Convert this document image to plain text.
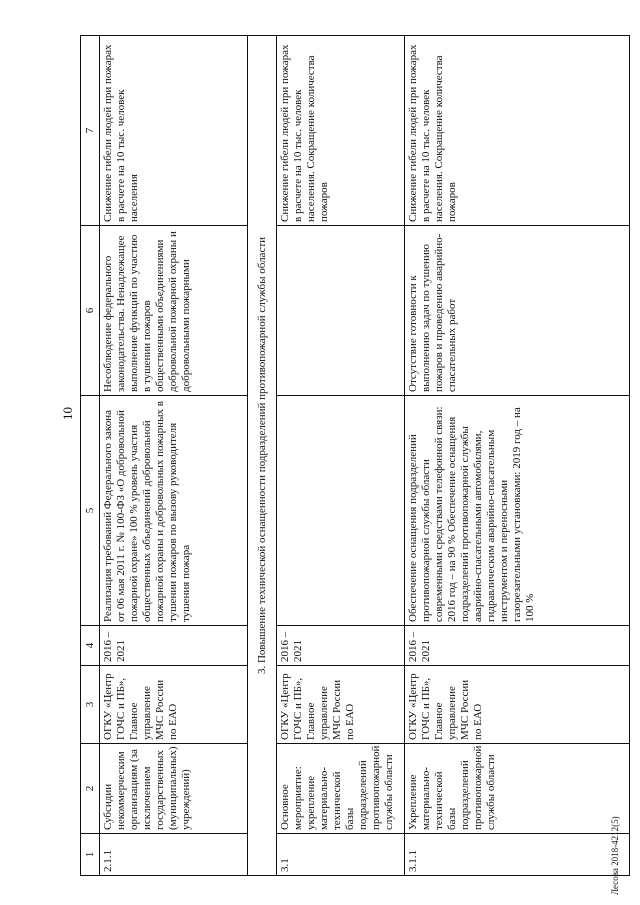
10
Лесова 2018-4212(5)
1	2	3	4	5	6	7
2.1.1	Субсидии некоммерческим организациям (за исключением государственных (муниципальных) учреждений)	ОГКУ «Центр ГОЧС и ПБ», Главное управление МЧС России по ЕАО	2016 – 2021	Реализация требований Федерального закона от 06 мая 2011 г. № 100-ФЗ «О добровольной пожарной охране» 100 % уровень участия общественных объединений добровольной пожарной охраны и добровольных пожарных в тушении пожаров по вызову руководителя тушения пожара	Несоблюдение федерального законодательства. Ненадлежащее выполнение функций по участию в тушении пожаров общественными объединениями добровольной пожарной охраны и добровольными пожарными	Снижение гибели людей при пожарах в расчете на 10 тыс. человек населения
3. Повышение технической оснащенности подразделений противопожарной службы области						
3.1	Основное мероприятие: укрепление материально-технической базы подразделений противопожарной службы области	ОГКУ «Центр ГОЧС и ПБ», Главное управление МЧС России по ЕАО	2016 – 2021			Снижение гибели людей при пожарах в расчете на 10 тыс. человек населения. Сокращение количества пожаров
3.1.1	Укрепление материально-технической базы подразделений противопожарной службы области	ОГКУ «Центр ГОЧС и ПБ», Главное управление МЧС России по ЕАО	2016 – 2021	Обеспечение оснащения подразделений противопожарной службы области современными средствами телефонной связи: 2016 год – на 90 % Обеспечение оснащения подразделений противопожарной службы аварийно-спасательными автомобилями, гидравлическим аварийно-спасательным инструментом и переносными газорезательными установками: 2019 год – на 100 %	Отсутствие готовности к выполнению задач по тушению пожаров и проведению аварийно-спасательных работ	Снижение гибели людей при пожарах в расчете на 10 тыс. человек населения. Сокращение количества пожаров
